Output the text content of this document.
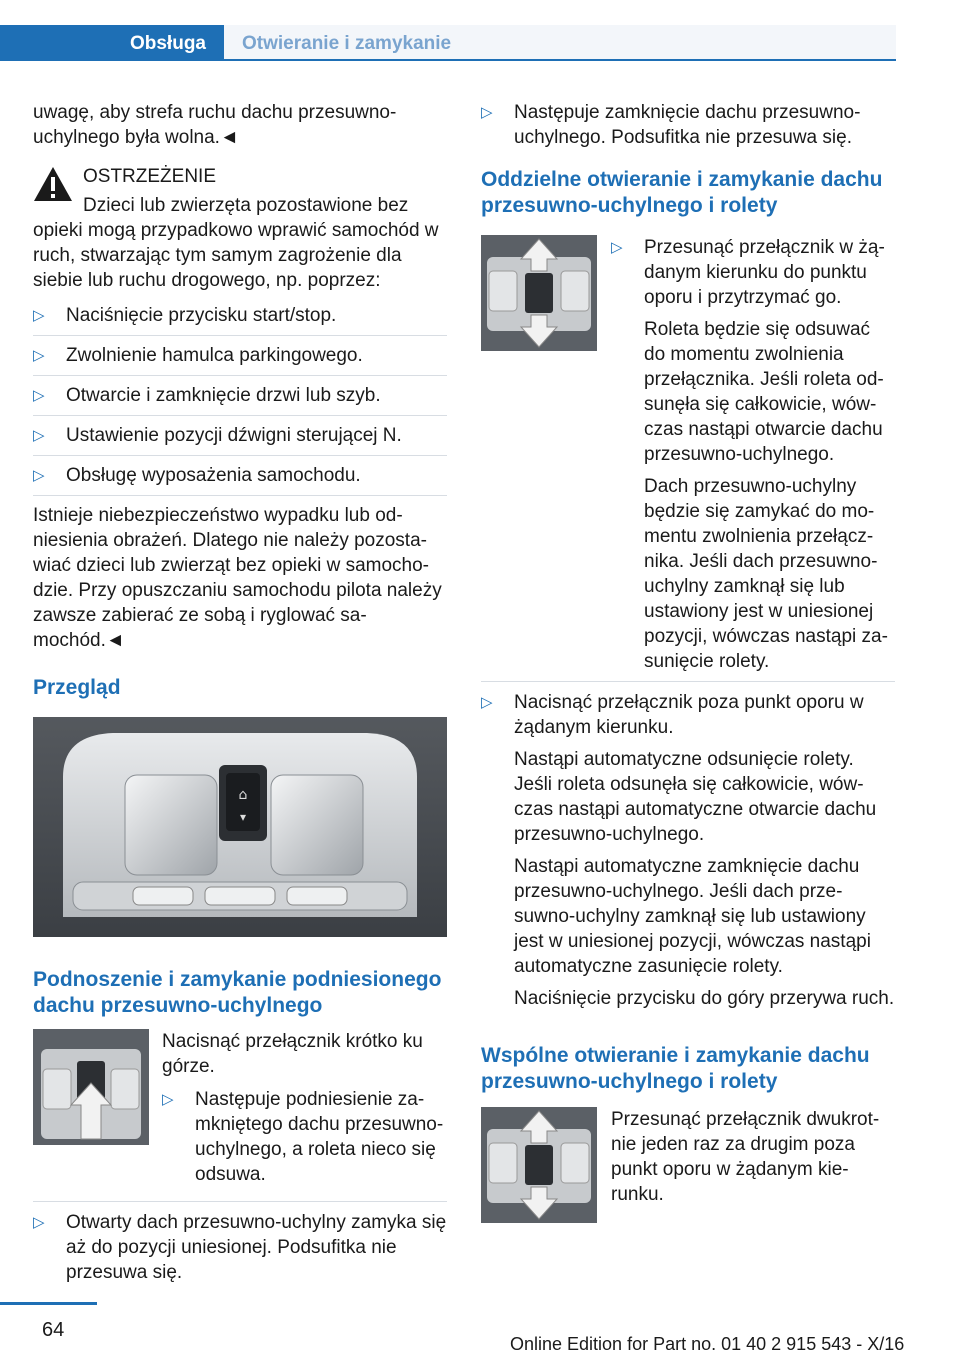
Obsługa	Otwieranie i zamykanie

uwagę, aby strefa ruchu dachu przesuwno-
uchylnego była wolna.◄

OSTRZEŻENIE

Dzieci lub zwierzęta pozostawione bez opieki mogą przypadkowo wprawić samochód w ruch, stwarzając tym samym zagrożenie dla siebie lub ruchu drogowego, np. poprzez:

▷ Naciśnięcie przycisku start/stop.
▷ Zwolnienie hamulca parkingowego.
▷ Otwarcie i zamknięcie drzwi lub szyb.
▷ Ustawienie pozycji dźwigni sterującej N.
▷ Obsługę wyposażenia samochodu.

Istnieje niebezpieczeństwo wypadku lub odniesienia obrażeń. Dlatego nie należy pozostawiać dzieci lub zwierząt bez opieki w samochodzie. Przy opuszczaniu samochodu pilota należy zawsze zabierać ze sobą i ryglować samochód.◄

Przegląd
⌂
▾
Podnoszenie i zamykanie podniesionego dachu przesuwno-uchylnego

Nacisnąć przełącznik krótko ku górze.

▷ Następuje podniesienie zamkniętego dachu przesuwno-uchylnego, a roleta nieco się odsuwa.
▷ Otwarty dach przesuwno-uchylny zamyka się aż do pozycji uniesionej. Podsufitka nie przesuwa się.
▷ Następuje zamknięcie dachu przesuwno-uchylnego. Podsufitka nie przesuwa się.
Oddzielne otwieranie i zamykanie dachu przesuwno-uchylnego i rolety
▷ Przesunąć przełącznik w żądanym kierunku do punktu oporu i przytrzymać go.

Roleta będzie się odsuwać do momentu zwolnienia przełącznika. Jeśli roleta odsunęła się całkowicie, wówczas nastąpi otwarcie dachu przesuwno-uchylnego.

Dach przesuwno-uchylny będzie się zamykać do momentu zwolnienia przełącznika. Jeśli dach przesuwno-uchylny zamknął się lub ustawiony jest w uniesionej pozycji, wówczas nastąpi zasunięcie rolety.

▷ Nacisnąć przełącznik poza punkt oporu w żądanym kierunku.

Nastąpi automatyczne odsunięcie rolety. Jeśli roleta odsunęła się całkowicie, wówczas nastąpi automatyczne otwarcie dachu przesuwno-uchylnego.

Nastąpi automatyczne zamknięcie dachu przesuwno-uchylnego. Jeśli dach przesuwno-uchylny zamknął się lub ustawiony jest w uniesionej pozycji, wówczas nastąpi automatyczne zasunięcie rolety.

Naciśnięcie przycisku do góry przerywa ruch.

Wspólne otwieranie i zamykanie dachu przesuwno-uchylnego i rolety

Przesunąć przełącznik dwukrotnie jeden raz za drugim poza punkt oporu w żądanym kierunku.

64
Online Edition for Part no. 01 40 2 915 543 - X/16
